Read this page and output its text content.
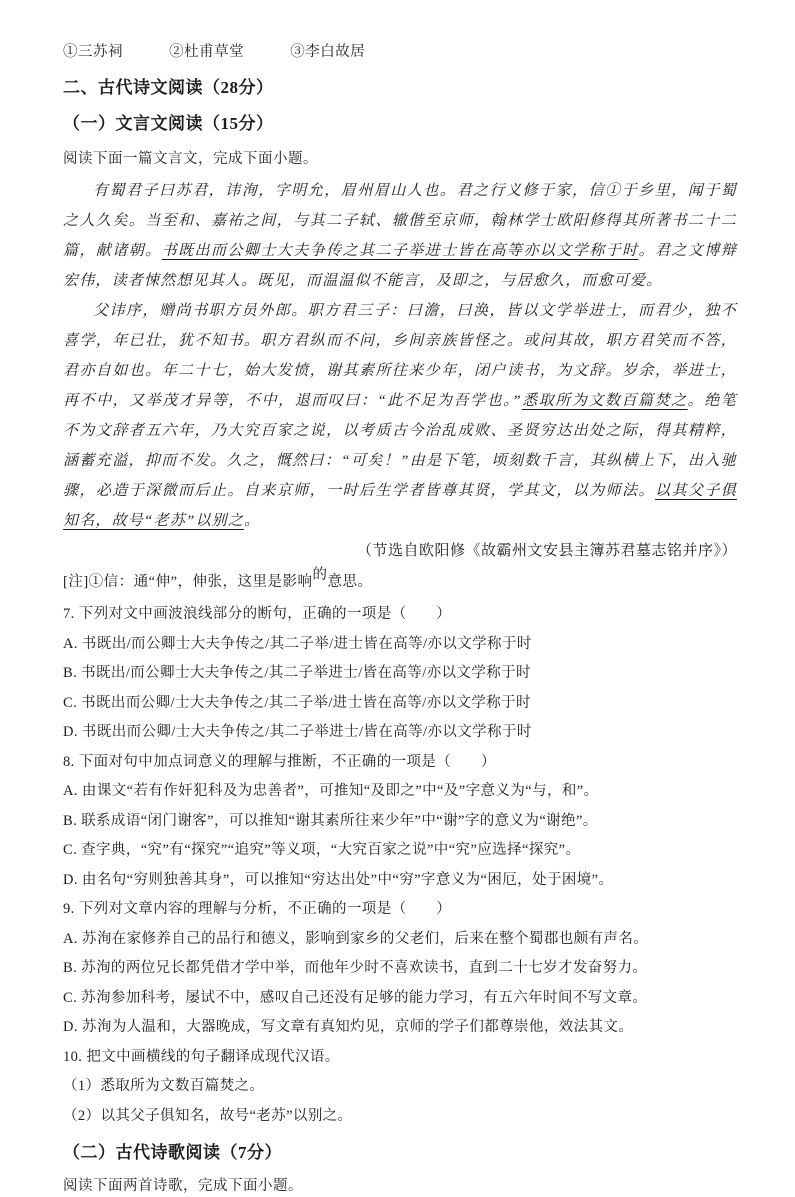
①三苏祠	②杜甫草堂	③李白故居
二、古代诗文阅读（28分）
（一）文言文阅读（15分）
阅读下面一篇文言文，完成下面小题。

有蜀君子曰苏君，讳洵，字明允，眉州眉山人也。君之行义修于家，信①于乡里，闻于蜀之人久矣。当至和、嘉祐之间，与其二子轼、辙偕至京师，翰林学士欧阳修得其所著书二十二篇，献诸朝。书既出而公卿士大夫争传之其二子举进士皆在高等亦以文学称于时。君之文博辩宏伟，读者悚然想见其人。既见，而温温似不能言，及即之，与居愈久，而愈可爱。

父讳序，赠尚书职方员外郎。职方君三子：曰澹，曰涣，皆以文学举进士，而君少，独不喜学，年已壮，犹不知书。职方君纵而不问，乡间亲族皆怪之。或问其故，职方君笑而不答，君亦自如也。年二十七，始大发愤，谢其素所往来少年，闭户读书，为文辞。岁余，举进士，再不中，又举茂才异等，不中，退而叹曰：“此不足为吾学也。”悉取所为文数百篇焚之。绝笔不为文辞者五六年，乃大究百家之说，以考质古今治乱成败、圣贤穷达出处之际，得其精粹，涵蓄充溢，抑而不发。久之，慨然曰：“可矣！”由是下笔，顷刻数千言，其纵横上下，出入驰骤，必造于深微而后止。自来京师，一时后生学者皆尊其贤，学其文，以为师法。以其父子俱知名，故号“老苏”以别之。

（节选自欧阳修《故霸州文安县主簿苏君墓志铭并序》）

[注]①信：通“伸”，伸张，这里是影响的意思。

7. 下列对文中画波浪线部分的断句，正确的一项是（　　）

A. 书既出/而公卿士大夫争传之/其二子举/进士皆在高等/亦以文学称于时

B. 书既出/而公卿士大夫争传之/其二子举进士/皆在高等/亦以文学称于时

C. 书既出而公卿/士大夫争传之/其二子举/进士皆在高等/亦以文学称于时

D. 书既出而公卿/士大夫争传之/其二子举进士/皆在高等/亦以文学称于时

8. 下面对句中加点词意义的理解与推断，不正确的一项是（　　）

A. 由课文“若有作奸犯科及为忠善者”，可推知“及即之”中“及”字意义为“与，和”。

B. 联系成语“闭门谢客”，可以推知“谢其素所往来少年”中“谢”字的意义为“谢绝”。

C. 查字典，“究”有“探究”“追究”等义项，“大究百家之说”中“究”应选择“探究”。

D. 由名句“穷则独善其身”，可以推知“穷达出处”中“穷”字意义为“困厄，处于困境”。

9. 下列对文章内容的理解与分析，不正确的一项是（　　）

A. 苏洵在家修养自己的品行和德义，影响到家乡的父老们，后来在整个蜀郡也颇有声名。

B. 苏洵的两位兄长都凭借才学中举，而他年少时不喜欢读书，直到二十七岁才发奋努力。

C. 苏洵参加科考，屡试不中，感叹自己还没有足够的能力学习，有五六年时间不写文章。

D. 苏洵为人温和，大器晚成，写文章有真知灼见，京师的学子们都尊崇他，效法其文。

10. 把文中画横线的句子翻译成现代汉语。

（1）悉取所为文数百篇焚之。

（2）以其父子俱知名，故号“老苏”以别之。

（二）古代诗歌阅读（7分）
阅读下面两首诗歌，完成下面小题。
